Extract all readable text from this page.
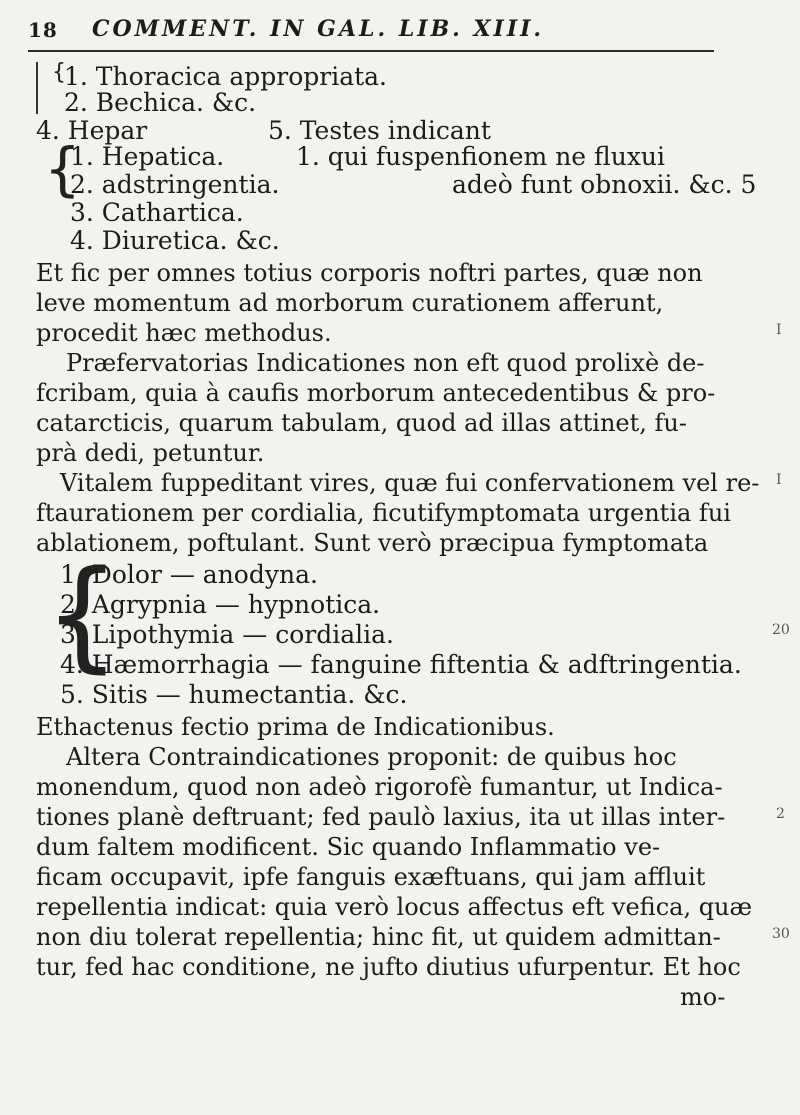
18 COMMENT. IN GAL. LIB. XIII.
{
1. Thoracica appropriata.
2. Bechica. &c.
4. Hepar	5. Testes indicant
{
1. Hepatica.
2. adstringentia.
3. Cathartica.
4. Diuretica. &c.
1. qui fuspenfionem ne fluxui
adeò funt obnoxii. &c. 5
Et fic per omnes totius corporis noftri partes, quæ non
leve momentum ad morborum curationem afferunt,
procedit hæc methodus.
Præfervatorias Indicationes non eft quod prolixè de-
fcribam, quia à caufis morborum antecedentibus & pro-
catarcticis, quarum tabulam, quod ad illas attinet, fu-
prà dedi, petuntur.
Vitalem fuppeditant vires, quæ fui confervationem vel re-
ftaurationem per cordialia, ficutifymptomata urgentia fui
ablationem, poftulant. Sunt verò præcipua fymptomata
{
1. Dolor — anodyna.
2. Agrypnia — hypnotica.
3. Lipothymia — cordialia.
4. Hæmorrhagia — fanguine fiftentia & adftringentia.
5. Sitis — humectantia. &c.
Ethactenus fectio prima de Indicationibus.
Altera Contraindicationes proponit: de quibus hoc
monendum, quod non adeò rigorofè fumantur, ut Indica-
tiones planè deftruant; fed paulò laxius, ita ut illas inter-
dum faltem modificent. Sic quando Inflammatio ve-
ficam occupavit, ipfe fanguis exæftuans, qui jam affluit
repellentia indicat: quia verò locus affectus eft vefica, quæ
non diu tolerat repellentia; hinc fit, ut quidem admittan-
tur, fed hac conditione, ne jufto diutius ufurpentur. Et hoc
mo-
I
I
20
2
30
